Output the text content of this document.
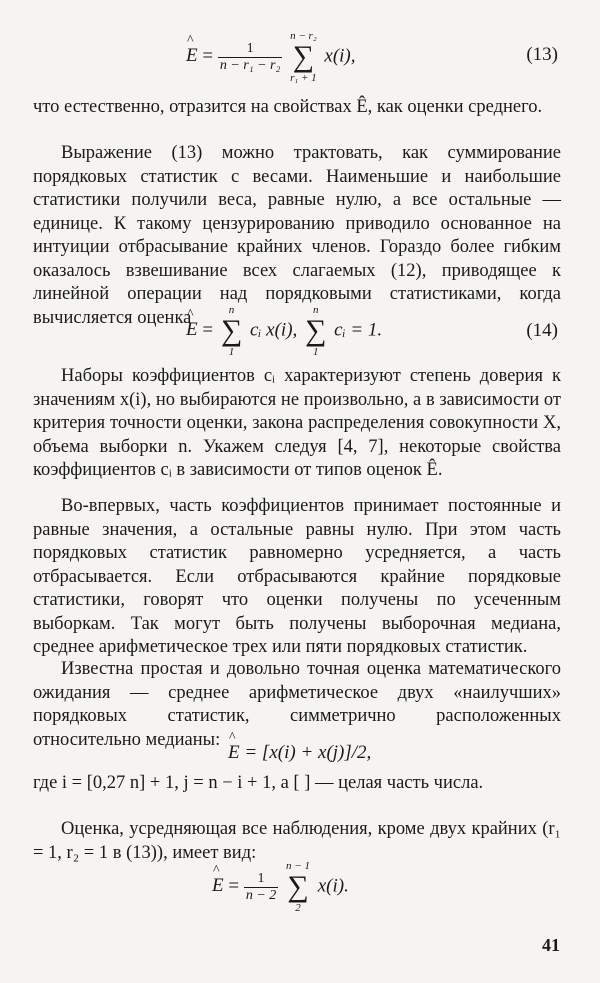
^ $E = \frac{1}{\text{n − r₁ − r₂}}$

n − r₂
∑
r₁ + 1
x(i),	(13)

что естественно, отразится на свойствах Ê, как оценки среднего.

Выражение (13) можно трактовать, как суммирование порядковых статистик с весами. Наименьшие и наибольшие статистики получили веса, равные нулю, а все остальные — единице. К такому цензурированию приводило основанное на интуиции отбрасывание крайних членов. Гораздо более гибким оказалось взвешивание всех слагаемых (12), приводящее к линейной операции над порядковыми статистиками, когда вычисляется оценка

^ E =
n
∑
1
cᵢ x(i),
n
∑
1
cᵢ = 1.	(14)

Наборы коэффициентов cᵢ характеризуют степень доверия к значениям x(i), но выбираются не произвольно, а в зависимости от критерия точности оценки, закона распределения совокупности X, объема выборки n. Укажем следуя [4, 7], некоторые свойства коэффициентов cᵢ в зависимости от типов оценок Ê.

Во-впервых, часть коэффициентов принимает постоянные и равные значения, а остальные равны нулю. При этом часть порядковых статистик равномерно усредняется, а часть отбрасывается. Если отбрасываются крайние порядковые статистики, говорят что оценки получены по усеченным выборкам. Так могут быть получены выборочная медиана, среднее арифметическое трех или пяти порядковых статистик.

Известна простая и довольно точная оценка математического ожидания — среднее арифметическое двух «наилучших» порядковых статистик, симметрично расположенных относительно медианы:

^ E = [x(i) + x(j)]/2,

где i = [0,27 n] + 1, j = n − i + 1, а [ ] — целая часть числа.

Оценка, усредняющая все наблюдения, кроме двух крайних (r₁ = 1, r₂ = 1 в (13)), имеет вид:

^ $E = \frac{1}{n - 2}$

n − 1
∑
2
x(i).
41
